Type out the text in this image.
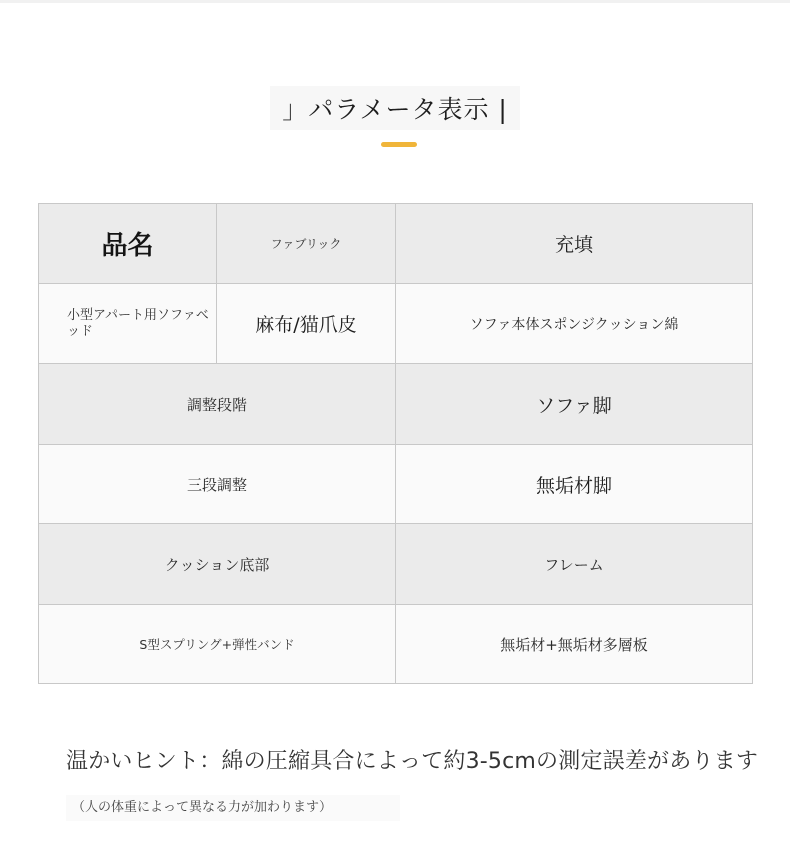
」パラメータ表示 |
品名	ファブリック	充填
小型アパート用ソファベッド	麻布/猫爪皮	ソファ本体スポンジクッション綿
調整段階		ソファ脚
三段調整		無垢材脚
クッション底部		フレーム
S型スプリング+弾性バンド		無垢材+無垢材多層板
温かいヒント：綿の圧縮具合によって約3-5cmの測定誤差があります
（人の体重によって異なる力が加わります）
